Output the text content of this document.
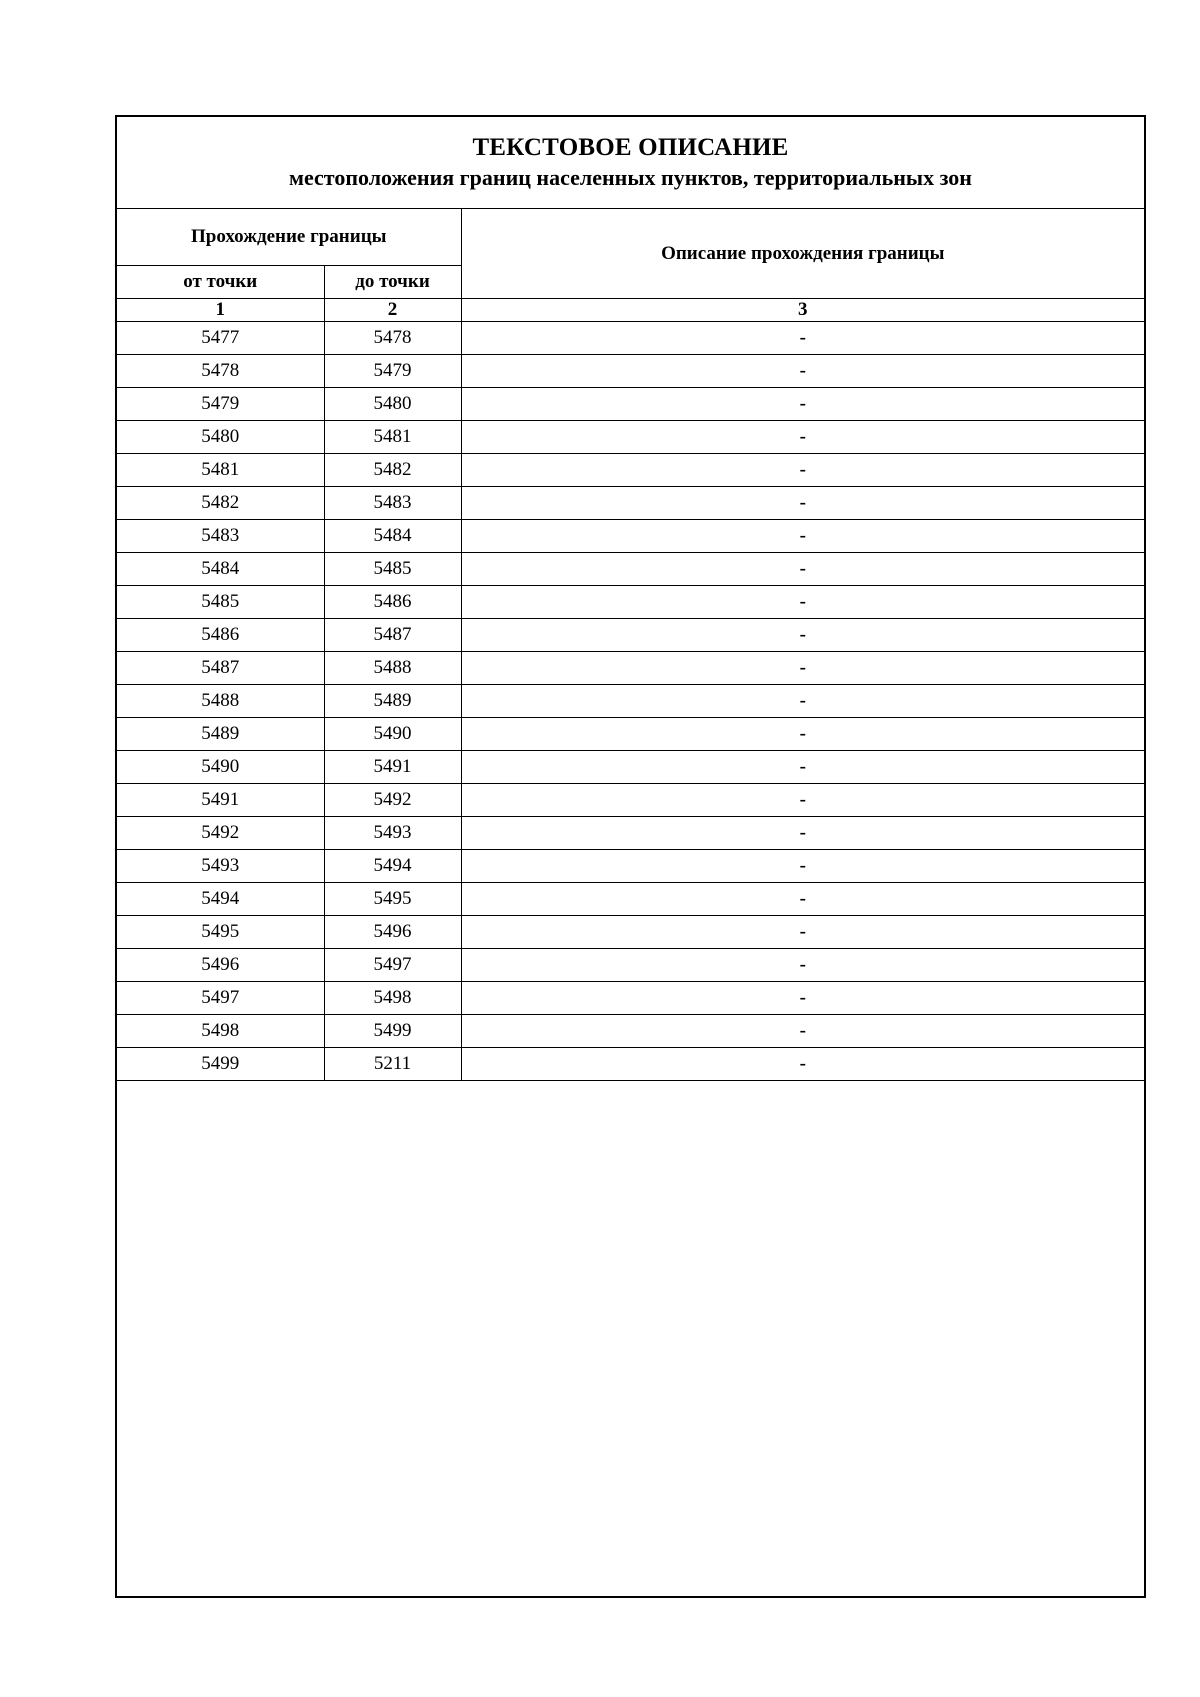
ТЕКСТОВОЕ ОПИСАНИЕ
местоположения границ населенных пунктов, территориальных зон
Прохождение границы		Описание прохождения границы
от точки	до точки	
1	2	3
5477	5478	-
5478	5479	-
5479	5480	-
5480	5481	-
5481	5482	-
5482	5483	-
5483	5484	-
5484	5485	-
5485	5486	-
5486	5487	-
5487	5488	-
5488	5489	-
5489	5490	-
5490	5491	-
5491	5492	-
5492	5493	-
5493	5494	-
5494	5495	-
5495	5496	-
5496	5497	-
5497	5498	-
5498	5499	-
5499	5211	-
